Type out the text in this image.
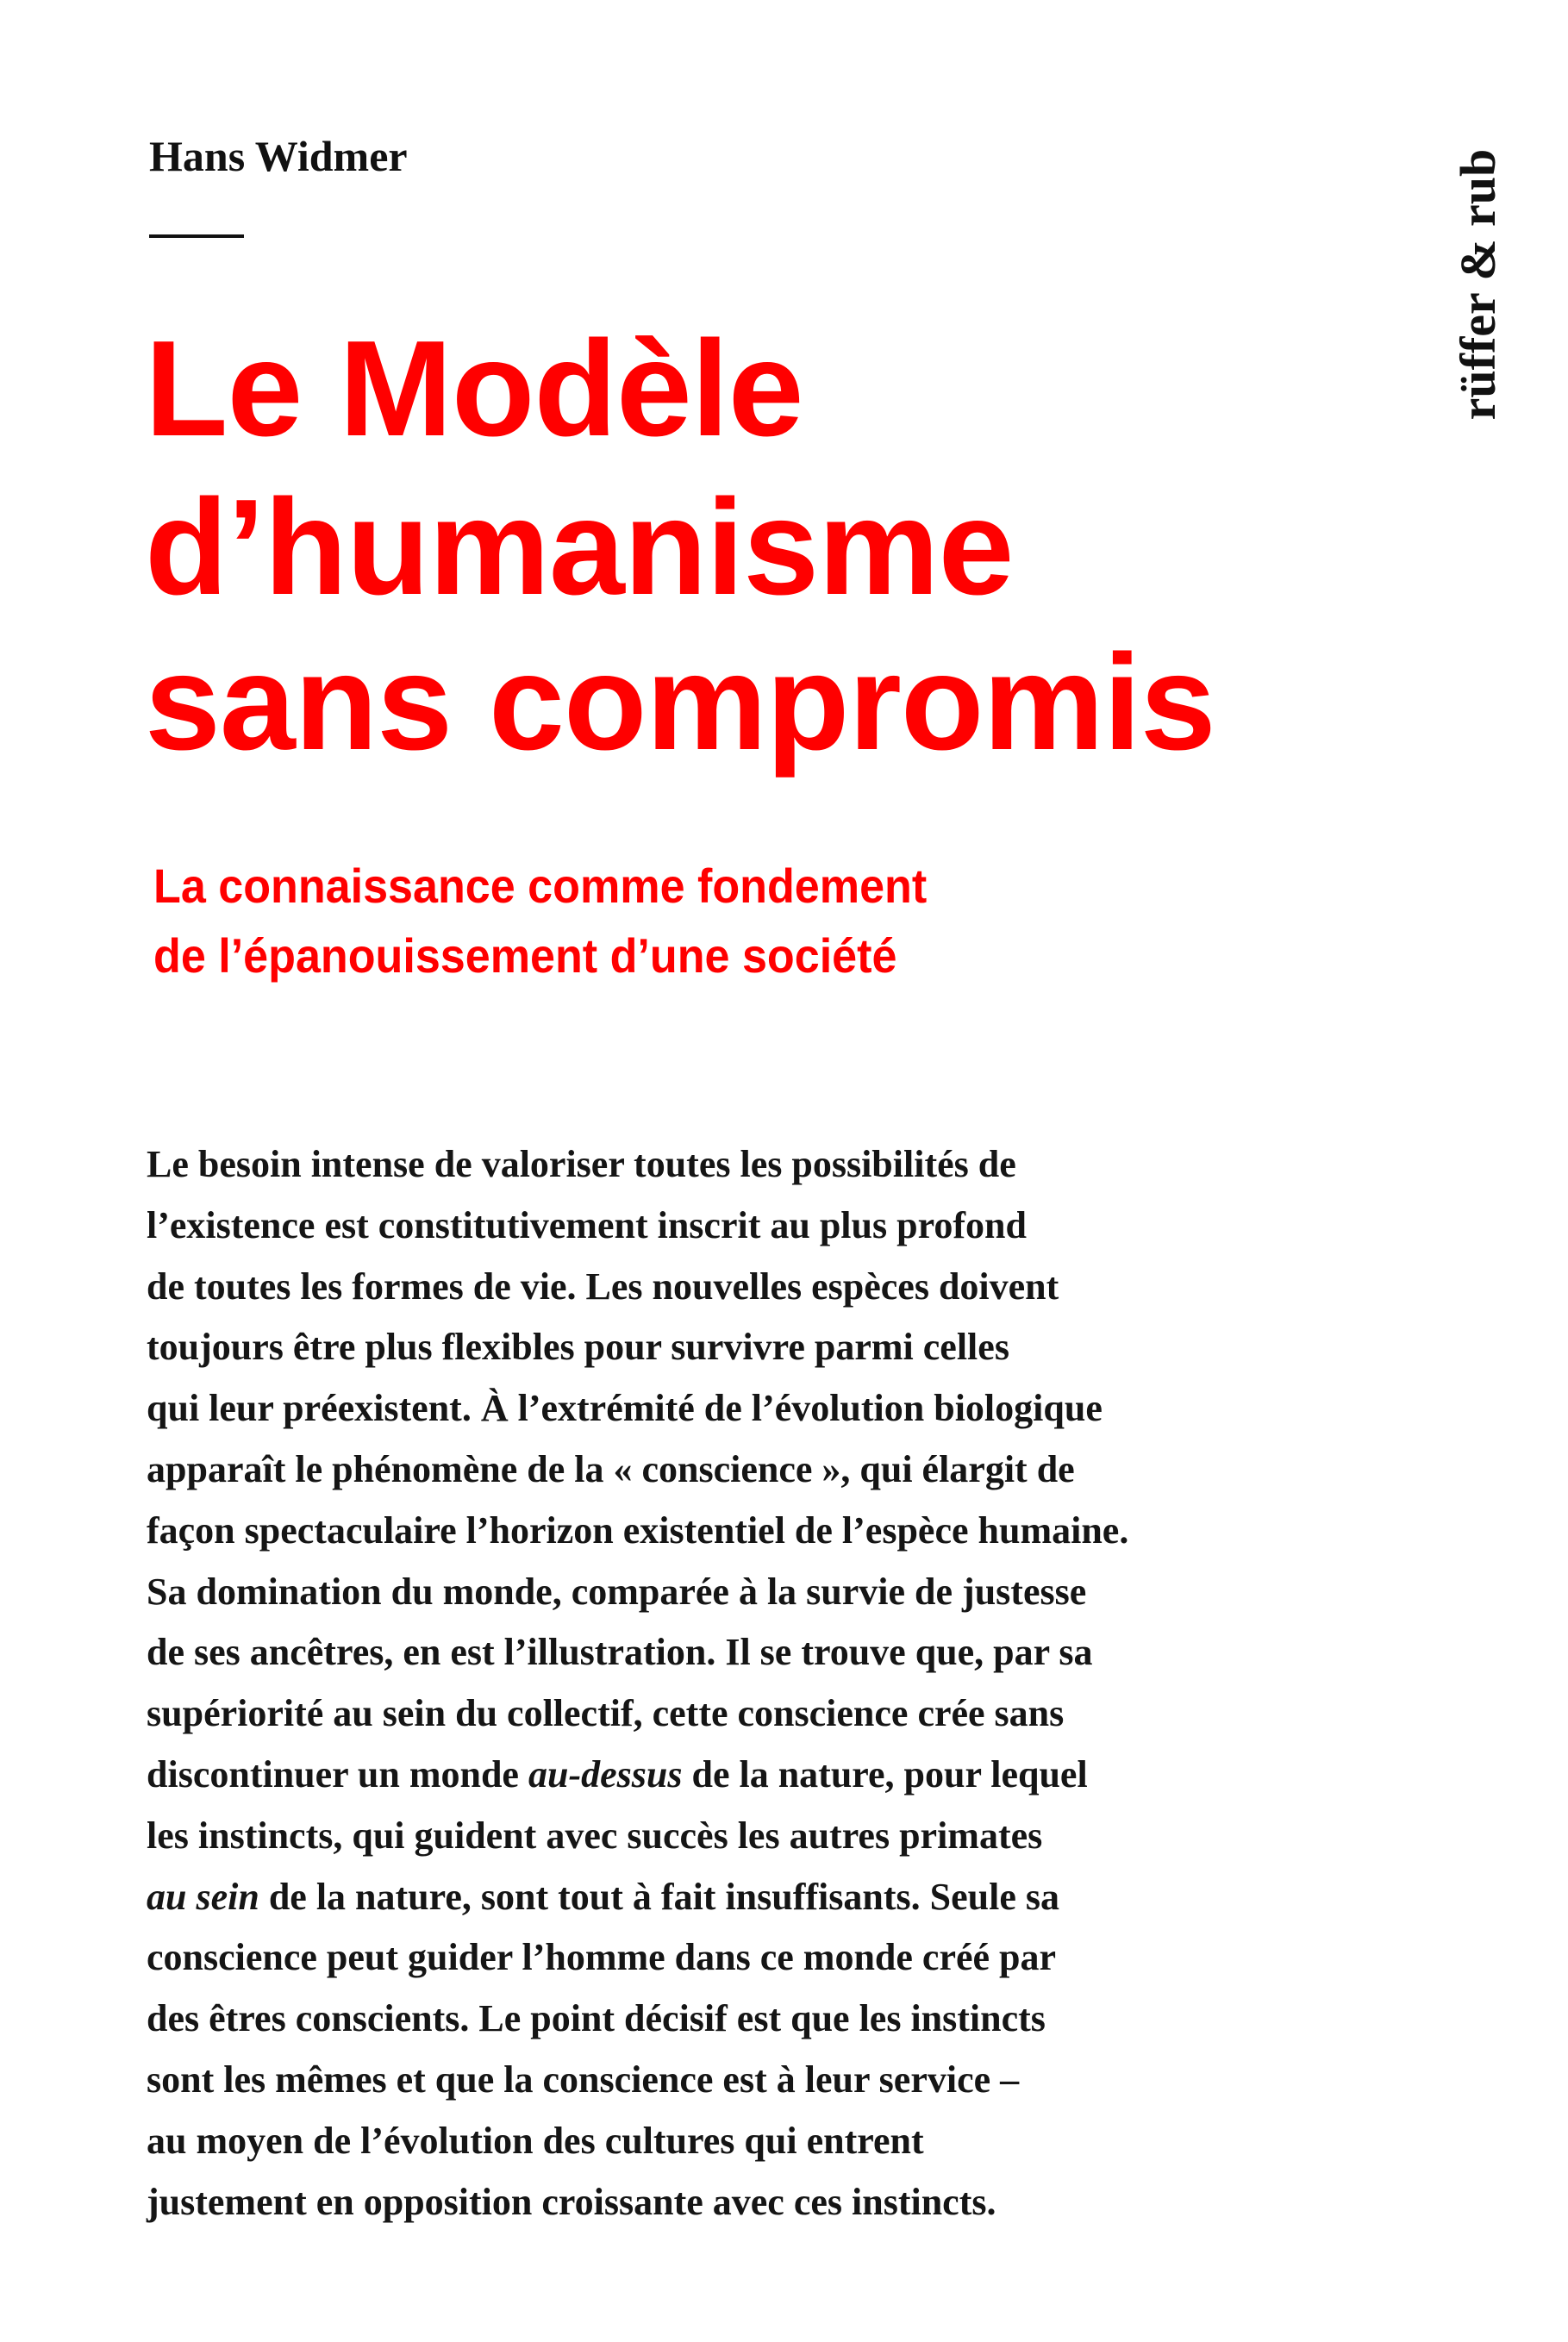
Hans Widmer	rüffer & rub
Le Modèle
d’humanisme
sans compromis
La connaissance comme fondement
de l’épanouissement d’une société
Le besoin intense de valoriser toutes les possibilités de
l’existence est constitutivement inscrit au plus profond
de toutes les formes de vie. Les nouvelles espèces doivent
toujours être plus flexibles pour survivre parmi celles
qui leur préexistent. À l’extrémité de l’évolution biologique
apparaît le phénomène de la « conscience », qui élargit de
façon spectaculaire l’horizon existentiel de l’espèce humaine.
Sa domination du monde, comparée à la survie de justesse
de ses ancêtres, en est l’illustration. Il se trouve que, par sa
supériorité au sein du collectif, cette conscience crée sans
discontinuer un monde au-dessus de la nature, pour lequel
les instincts, qui guident avec succès les autres primates
au sein de la nature, sont tout à fait insuffisants. Seule sa
conscience peut guider l’homme dans ce monde créé par
des êtres conscients. Le point décisif est que les instincts
sont les mêmes et que la conscience est à leur service –
au moyen de l’évolution des cultures qui entrent
justement en opposition croissante avec ces instincts.
